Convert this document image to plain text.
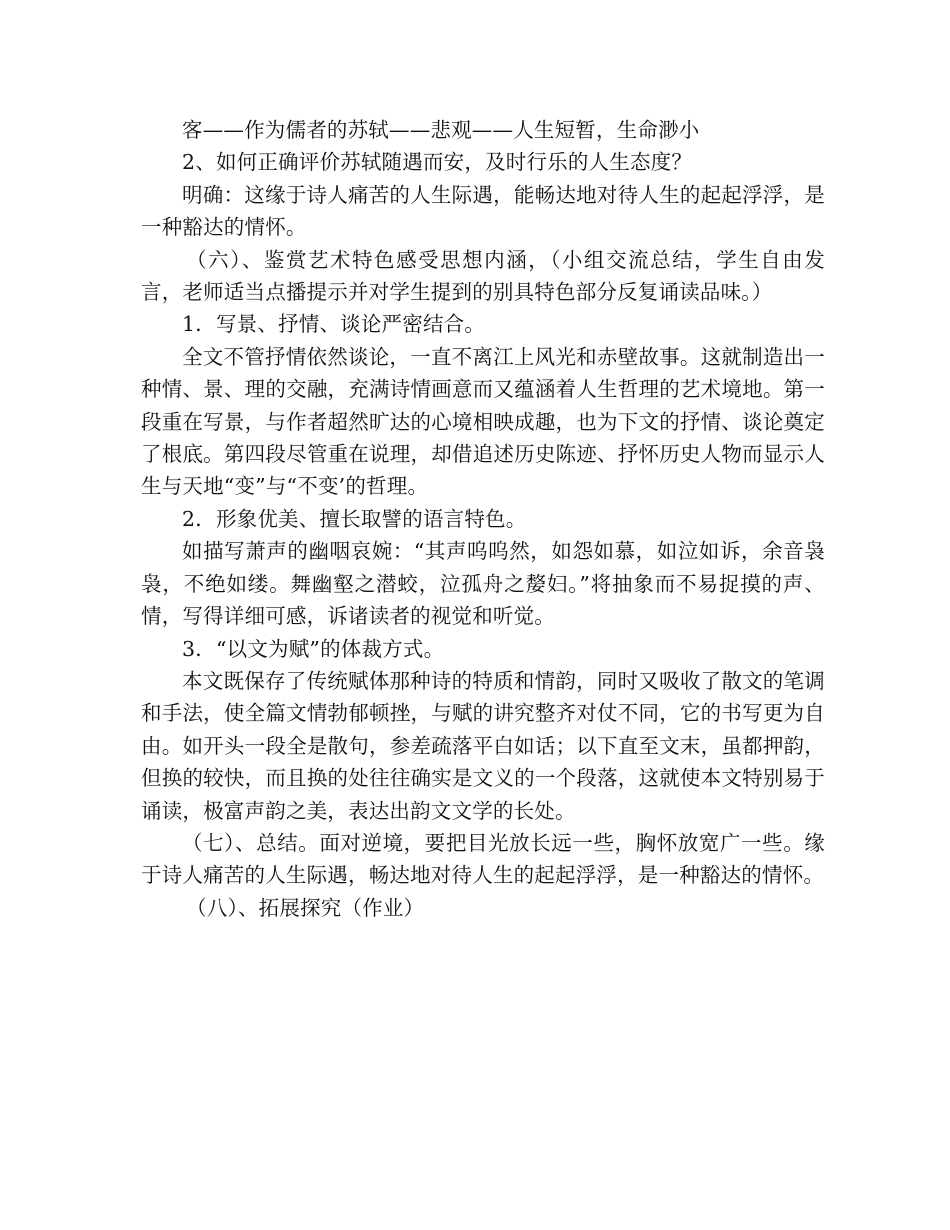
客——作为儒者的苏轼——悲观——人生短暂，生命渺小

2、如何正确评价苏轼随遇而安，及时行乐的人生态度？

明确：这缘于诗人痛苦的人生际遇，能畅达地对待人生的起起浮浮，是一种豁达的情怀。

（六）、鉴赏艺术特色感受思想内涵，（小组交流总结，学生自由发言，老师适当点播提示并对学生提到的别具特色部分反复诵读品味。）

1．写景、抒情、谈论严密结合。

全文不管抒情依然谈论，一直不离江上风光和赤壁故事。这就制造出一种情、景、理的交融，充满诗情画意而又蕴涵着人生哲理的艺术境地。第一段重在写景，与作者超然旷达的心境相映成趣，也为下文的抒情、谈论奠定了根底。第四段尽管重在说理，却借追述历史陈迹、抒怀历史人物而显示人生与天地“变”与“不变’的哲理。

2．形象优美、擅长取譬的语言特色。

如描写萧声的幽咽哀婉：“其声呜呜然，如怨如慕，如泣如诉，余音袅袅，不绝如缕。舞幽壑之潜蛟，泣孤舟之嫠妇。”将抽象而不易捉摸的声、情，写得详细可感，诉诸读者的视觉和听觉。

3．“以文为赋”的体裁方式。

本文既保存了传统赋体那种诗的特质和情韵，同时又吸收了散文的笔调和手法，使全篇文情勃郁顿挫，与赋的讲究整齐对仗不同，它的书写更为自由。如开头一段全是散句，参差疏落平白如话；以下直至文末，虽都押韵，但换的较快，而且换的处往往确实是文义的一个段落，这就使本文特别易于诵读，极富声韵之美，表达出韵文文学的长处。

（七）、总结。面对逆境，要把目光放长远一些，胸怀放宽广一些。缘于诗人痛苦的人生际遇，畅达地对待人生的起起浮浮，是一种豁达的情怀。

（八）、拓展探究（作业）
